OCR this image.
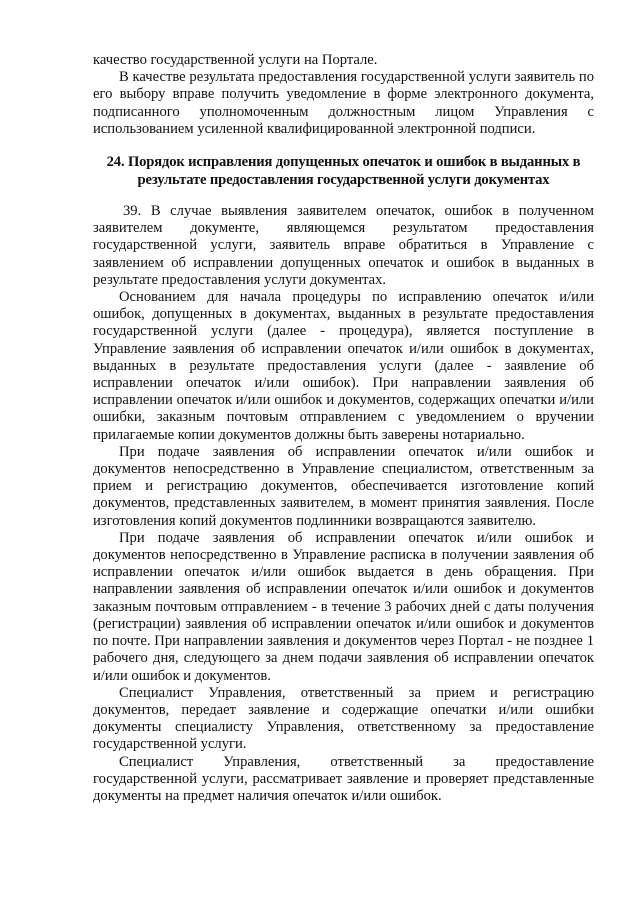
качество государственной услуги на Портале.

В качестве результата предоставления государственной услуги заявитель по его выбору вправе получить уведомление в форме электронного документа, подписанного уполномоченным должностным лицом Управления с использованием усиленной квалифицированной электронной подписи.

24. Порядок исправления допущенных опечаток и ошибок в выданных в результате предоставления государственной услуги документах

39. В случае выявления заявителем опечаток, ошибок в полученном заявителем документе, являющемся результатом предоставления государственной услуги, заявитель вправе обратиться в Управление с заявлением об исправлении допущенных опечаток и ошибок в выданных в результате предоставления услуги документах.

Основанием для начала процедуры по исправлению опечаток и/или ошибок, допущенных в документах, выданных в результате предоставления государственной услуги (далее - процедура), является поступление в Управление заявления об исправлении опечаток и/или ошибок в документах, выданных в результате предоставления услуги (далее - заявление об исправлении опечаток и/или ошибок). При направлении заявления об исправлении опечаток и/или ошибок и документов, содержащих опечатки и/или ошибки, заказным почтовым отправлением с уведомлением о вручении прилагаемые копии документов должны быть заверены нотариально.

При подаче заявления об исправлении опечаток и/или ошибок и документов непосредственно в Управление специалистом, ответственным за прием и регистрацию документов, обеспечивается изготовление копий документов, представленных заявителем, в момент принятия заявления. После изготовления копий документов подлинники возвращаются заявителю.

При подаче заявления об исправлении опечаток и/или ошибок и документов непосредственно в Управление расписка в получении заявления об исправлении опечаток и/или ошибок выдается в день обращения. При направлении заявления об исправлении опечаток и/или ошибок и документов заказным почтовым отправлением - в течение 3 рабочих дней с даты получения (регистрации) заявления об исправлении опечаток и/или ошибок и документов по почте. При направлении заявления и документов через Портал - не позднее 1 рабочего дня, следующего за днем подачи заявления об исправлении опечаток и/или ошибок и документов.

Специалист Управления, ответственный за прием и регистрацию документов, передает заявление и содержащие опечатки и/или ошибки документы специалисту Управления, ответственному за предоставление государственной услуги.

Специалист Управления, ответственный за предоставление государственной услуги, рассматривает заявление и проверяет представленные документы на предмет наличия опечаток и/или ошибок.
